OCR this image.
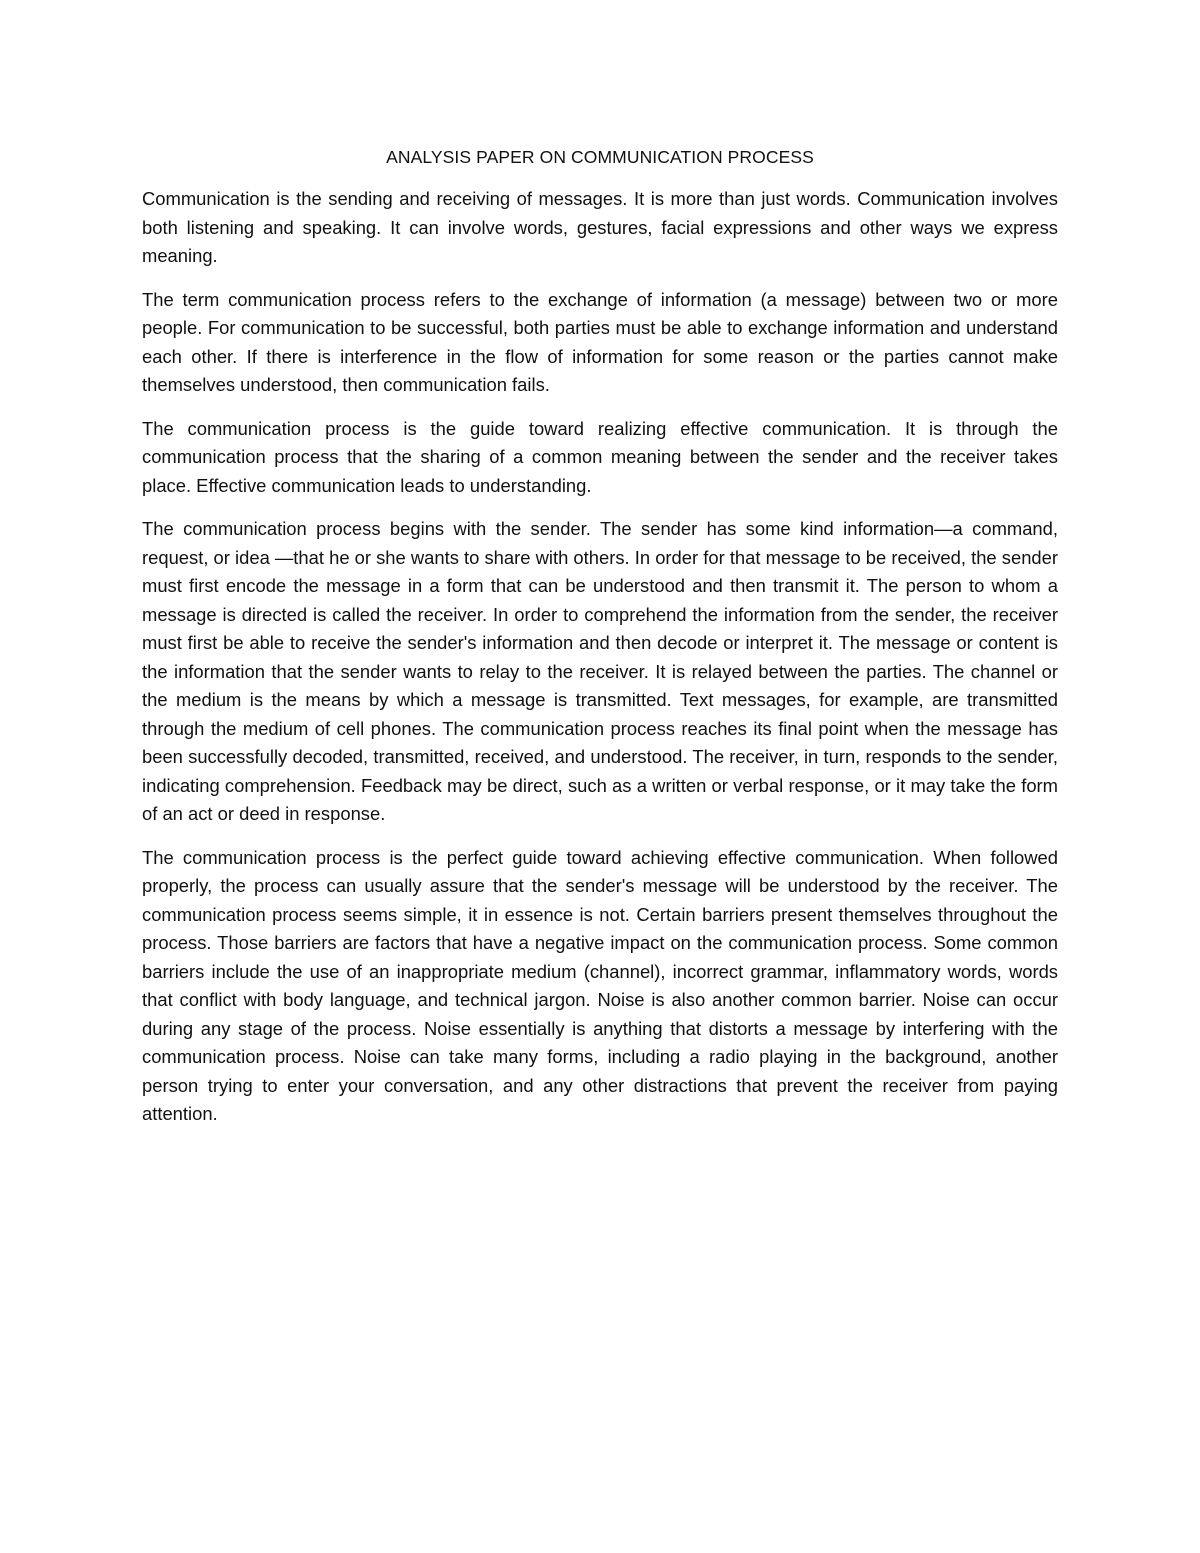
ANALYSIS PAPER ON COMMUNICATION PROCESS

Communication is the sending and receiving of messages. It is more than just words. Communication involves both listening and speaking. It can involve words, gestures, facial expressions and other ways we express meaning.

The term communication process refers to the exchange of information (a message) between two or more people. For communication to be successful, both parties must be able to exchange information and understand each other. If there is interference in the flow of information for some reason or the parties cannot make themselves understood, then communication fails.

The communication process is the guide toward realizing effective communication. It is through the communication process that the sharing of a common meaning between the sender and the receiver takes place. Effective communication leads to understanding.

The communication process begins with the sender. The sender has some kind information—a command, request, or idea —that he or she wants to share with others. In order for that message to be received, the sender must first encode the message in a form that can be understood and then transmit it. The person to whom a message is directed is called the receiver. In order to comprehend the information from the sender, the receiver must first be able to receive the sender's information and then decode or interpret it. The message or content is the information that the sender wants to relay to the receiver. It is relayed between the parties. The channel or the medium is the means by which a message is transmitted. Text messages, for example, are transmitted through the medium of cell phones. The communication process reaches its final point when the message has been successfully decoded, transmitted, received, and understood. The receiver, in turn, responds to the sender, indicating comprehension. Feedback may be direct, such as a written or verbal response, or it may take the form of an act or deed in response.

The communication process is the perfect guide toward achieving effective communication. When followed properly, the process can usually assure that the sender's message will be understood by the receiver. The communication process seems simple, it in essence is not. Certain barriers present themselves throughout the process. Those barriers are factors that have a negative impact on the communication process. Some common barriers include the use of an inappropriate medium (channel), incorrect grammar, inflammatory words, words that conflict with body language, and technical jargon. Noise is also another common barrier. Noise can occur during any stage of the process. Noise essentially is anything that distorts a message by interfering with the communication process. Noise can take many forms, including a radio playing in the background, another person trying to enter your conversation, and any other distractions that prevent the receiver from paying attention.
